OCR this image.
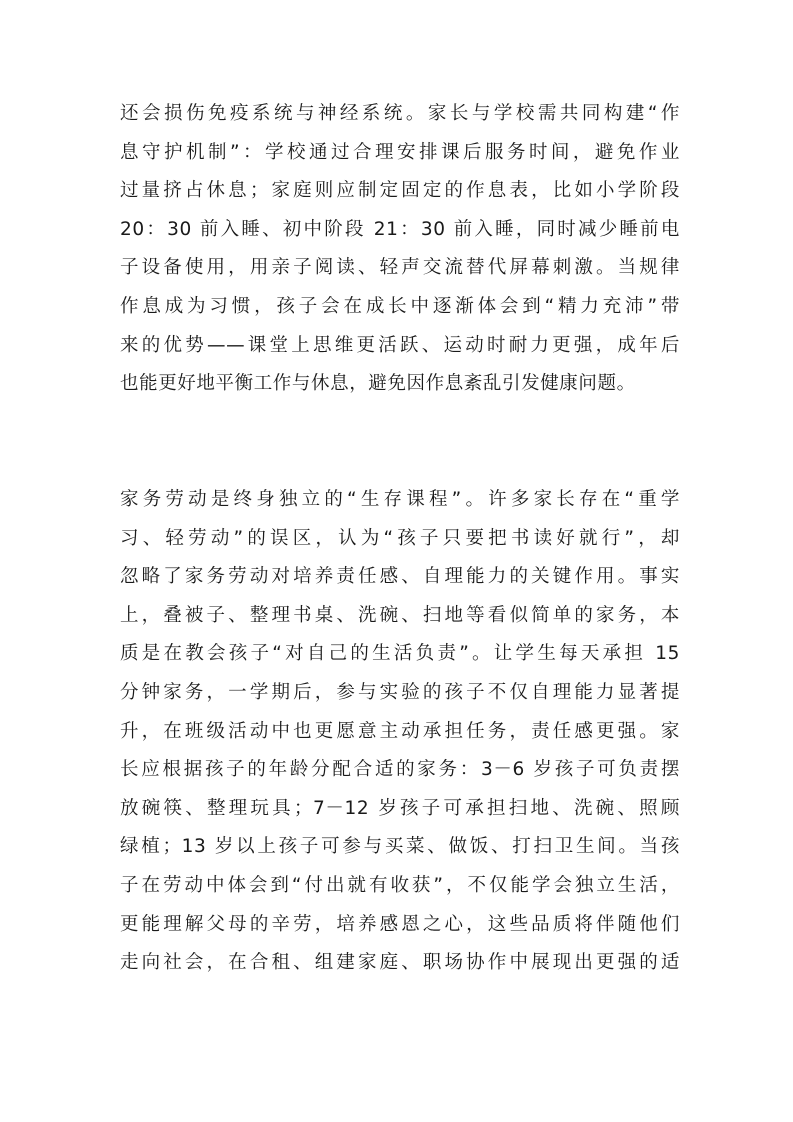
还会损伤免疫系统与神经系统。家长与学校需共同构建“作
息守护机制”：学校通过合理安排课后服务时间，避免作业
过量挤占休息；家庭则应制定固定的作息表，比如小学阶段
20：30 前入睡、初中阶段 21：30 前入睡，同时减少睡前电
子设备使用，用亲子阅读、轻声交流替代屏幕刺激。当规律
作息成为习惯，孩子会在成长中逐渐体会到“精力充沛”带
来的优势——课堂上思维更活跃、运动时耐力更强，成年后
也能更好地平衡工作与休息，避免因作息紊乱引发健康问题。
家务劳动是终身独立的“生存课程”。许多家长存在“重学
习、轻劳动”的误区，认为“孩子只要把书读好就行”，却
忽略了家务劳动对培养责任感、自理能力的关键作用。事实
上，叠被子、整理书桌、洗碗、扫地等看似简单的家务，本
质是在教会孩子“对自己的生活负责”。让学生每天承担 15
分钟家务，一学期后，参与实验的孩子不仅自理能力显著提
升，在班级活动中也更愿意主动承担任务，责任感更强。家
长应根据孩子的年龄分配合适的家务：3－6 岁孩子可负责摆
放碗筷、整理玩具；7－12 岁孩子可承担扫地、洗碗、照顾
绿植；13 岁以上孩子可参与买菜、做饭、打扫卫生间。当孩
子在劳动中体会到“付出就有收获”，不仅能学会独立生活，
更能理解父母的辛劳，培养感恩之心，这些品质将伴随他们
走向社会，在合租、组建家庭、职场协作中展现出更强的适
